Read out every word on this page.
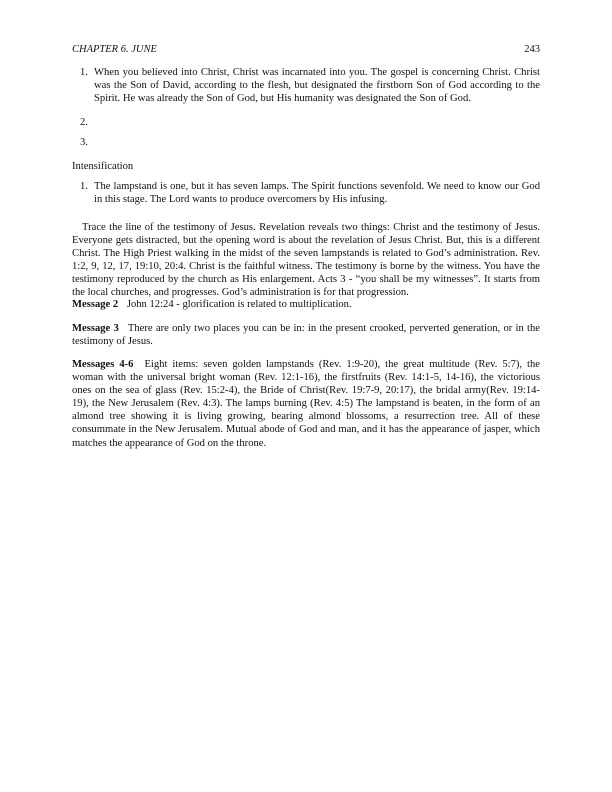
CHAPTER 6. JUNE	243
1. When you believed into Christ, Christ was incarnated into you. The gospel is concerning Christ. Christ was the Son of David, according to the flesh, but designated the firstborn Son of God according to the Spirit. He was already the Son of God, but His humanity was designated the Son of God.
2.

3.

Intensification
1. The lampstand is one, but it has seven lamps. The Spirit functions sevenfold. We need to know our God in this stage. The Lord wants to produce overcomers by His infusing.
Trace the line of the testimony of Jesus. Revelation reveals two things: Christ and the testimony of Jesus. Everyone gets distracted, but the opening word is about the revelation of Jesus Christ. But, this is a different Christ. The High Priest walking in the midst of the seven lampstands is related to God’s administration. Rev. 1:2, 9, 12, 17, 19:10, 20:4. Christ is the faithful witness. The testimony is borne by the witness. You have the testimony reproduced by the church as His enlargement. Acts 3 - “you shall be my witnesses”. It starts from the local churches, and progresses. God’s administration is for that progression.
Message 2 John 12:24 - glorification is related to multiplication.
Message 3 There are only two places you can be in: in the present crooked, perverted generation, or in the testimony of Jesus.
Messages 4-6 Eight items: seven golden lampstands (Rev. 1:9-20), the great multitude (Rev. 5:7), the woman with the universal bright woman (Rev. 12:1-16), the firstfruits (Rev. 14:1-5, 14-16), the victorious ones on the sea of glass (Rev. 15:2-4), the Bride of Christ(Rev. 19:7-9, 20:17), the bridal army(Rev. 19:14-19), the New Jerusalem (Rev. 4:3). The lamps burning (Rev. 4:5) The lampstand is beaten, in the form of an almond tree showing it is living growing, bearing almond blossoms, a resurrection tree. All of these consummate in the New Jerusalem. Mutual abode of God and man, and it has the appearance of jasper, which matches the appearance of God on the throne.
